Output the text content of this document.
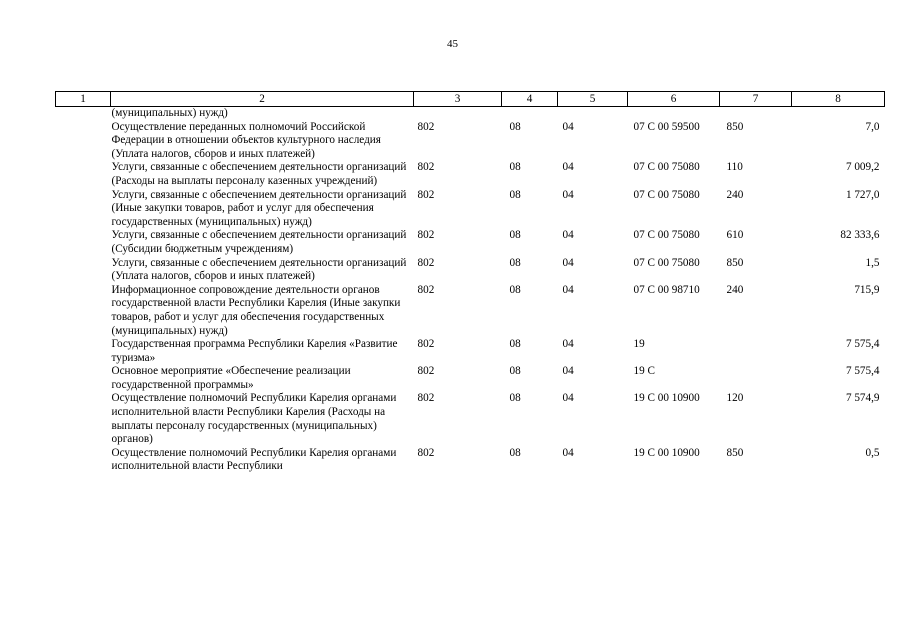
45
1	2	3	4	5	6	7	8
(муниципальных) нужд)							
Осуществление переданных полномочий Российской Федерации в отношении объектов культурного наследия (Уплата налогов, сборов и иных платежей)		802	08	04	07 С 00 59500	850	7,0
Услуги, связанные с обеспечением деятельности организаций (Расходы на выплаты персоналу казенных учреждений)		802	08	04	07 С 00 75080	110	7 009,2
Услуги, связанные с обеспечением деятельности организаций (Иные закупки товаров, работ и услуг для обеспечения государственных (муниципальных) нужд)		802	08	04	07 С 00 75080	240	1 727,0
Услуги, связанные с обеспечением деятельности организаций (Субсидии бюджетным учреждениям)		802	08	04	07 С 00 75080	610	82 333,6
Услуги, связанные с обеспечением деятельности организаций (Уплата налогов, сборов и иных платежей)		802	08	04	07 С 00 75080	850	1,5
Информационное сопровождение деятельности органов государственной власти Республики Карелия (Иные закупки товаров, работ и услуг для обеспечения государственных (муниципальных) нужд)		802	08	04	07 С 00 98710	240	715,9
Государственная программа Республики Карелия «Развитие туризма»		802	08	04	19		7 575,4
Основное мероприятие «Обеспечение реализации государственной программы»		802	08	04	19 С		7 575,4
Осуществление полномочий Республики Карелия органами исполнительной власти Республики Карелия (Расходы на выплаты персоналу государственных (муниципальных) органов)		802	08	04	19 С 00 10900	120	7 574,9
Осуществление полномочий Республики Карелия органами исполнительной власти Республики		802	08	04	19 С 00 10900	850	0,5
